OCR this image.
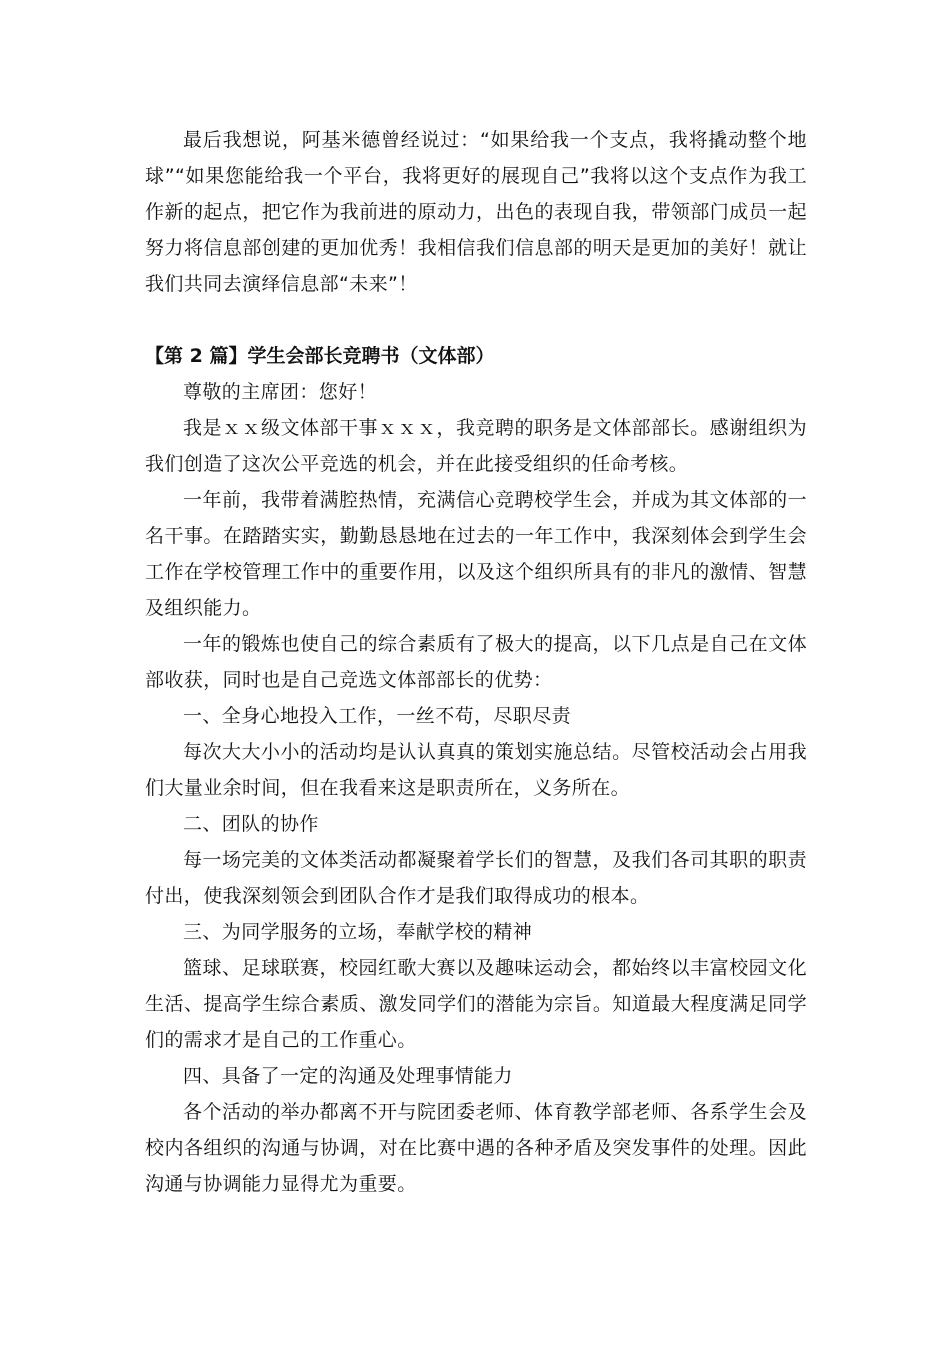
最后我想说，阿基米德曾经说过：“如果给我一个支点，我将撬动整个地球”“如果您能给我一个平台，我将更好的展现自己”我将以这个支点作为我工作新的起点，把它作为我前进的原动力，出色的表现自我，带领部门成员一起努力将信息部创建的更加优秀！我相信我们信息部的明天是更加的美好！就让我们共同去演绎信息部“未来”！

【第 2 篇】学生会部长竞聘书（文体部）

尊敬的主席团：您好！

我是ｘｘ级文体部干事ｘｘｘ，我竞聘的职务是文体部部长。感谢组织为我们创造了这次公平竞选的机会，并在此接受组织的任命考核。

一年前，我带着满腔热情，充满信心竞聘校学生会，并成为其文体部的一名干事。在踏踏实实，勤勤恳恳地在过去的一年工作中，我深刻体会到学生会工作在学校管理工作中的重要作用，以及这个组织所具有的非凡的激情、智慧及组织能力。

一年的锻炼也使自己的综合素质有了极大的提高，以下几点是自己在文体部收获，同时也是自己竞选文体部部长的优势：

一、全身心地投入工作，一丝不苟，尽职尽责

每次大大小小的活动均是认认真真的策划实施总结。尽管校活动会占用我们大量业余时间，但在我看来这是职责所在，义务所在。

二、团队的协作

每一场完美的文体类活动都凝聚着学长们的智慧，及我们各司其职的职责付出，使我深刻领会到团队合作才是我们取得成功的根本。

三、为同学服务的立场，奉献学校的精神

篮球、足球联赛，校园红歌大赛以及趣味运动会，都始终以丰富校园文化生活、提高学生综合素质、激发同学们的潜能为宗旨。知道最大程度满足同学们的需求才是自己的工作重心。

四、具备了一定的沟通及处理事情能力

各个活动的举办都离不开与院团委老师、体育教学部老师、各系学生会及校内各组织的沟通与协调，对在比赛中遇的各种矛盾及突发事件的处理。因此沟通与协调能力显得尤为重要。
